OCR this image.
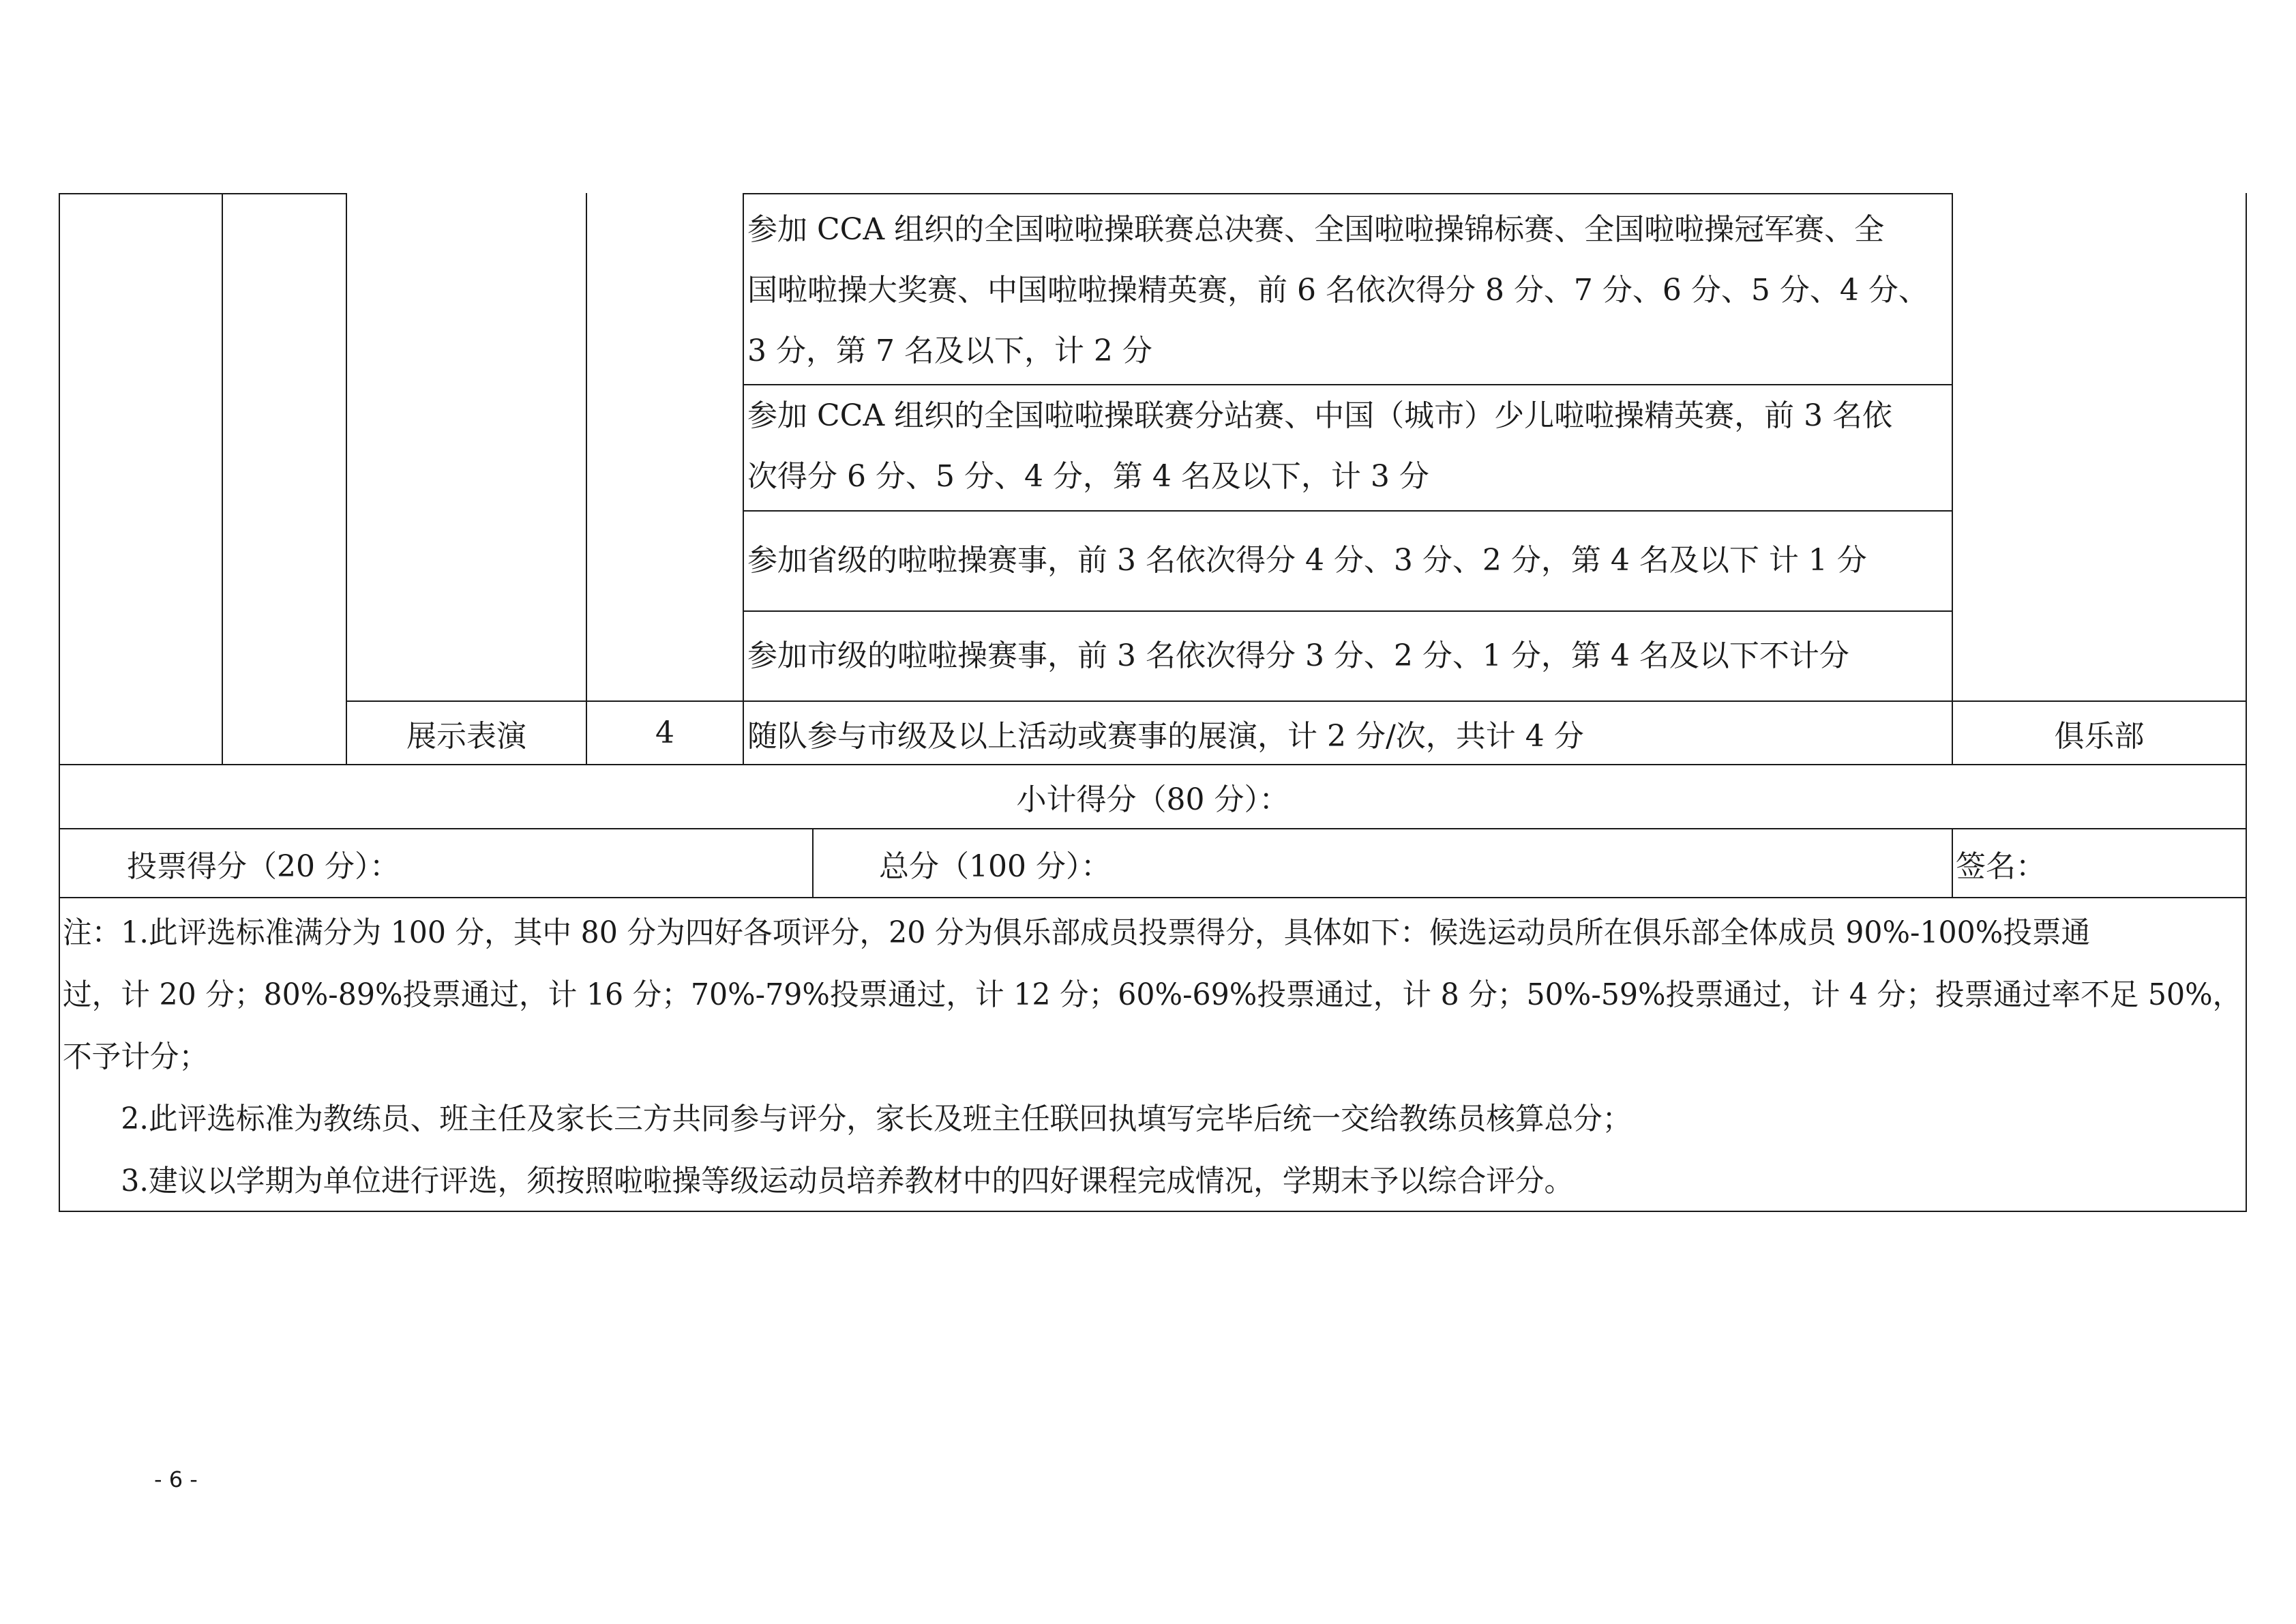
参加 CCA 组织的全国啦啦操联赛总决赛、全国啦啦操锦标赛、全国啦啦操冠军赛、全
国啦啦操大奖赛、中国啦啦操精英赛，前 6 名依次得分 8 分、7 分、6 分、5 分、4 分、
3 分，第 7 名及以下，计 2 分
参加 CCA 组织的全国啦啦操联赛分站赛、中国（城市）少儿啦啦操精英赛，前 3 名依
次得分 6 分、5 分、4 分，第 4 名及以下，计 3 分
参加省级的啦啦操赛事，前 3 名依次得分 4 分、3 分、2 分，第 4 名及以下 计 1 分
参加市级的啦啦操赛事，前 3 名依次得分 3 分、2 分、1 分，第 4 名及以下不计分
展示表演	4	随队参与市级及以上活动或赛事的展演，计 2 分/次，共计 4 分	俱乐部
小计得分（80 分）：
投票得分（20 分）：	总分（100 分）：	签名：
注：1.此评选标准满分为 100 分，其中 80 分为四好各项评分，20 分为俱乐部成员投票得分，具体如下：候选运动员所在俱乐部全体成员 90%-100%投票通
过，计 20 分；80%-89%投票通过，计 16 分；70%-79%投票通过，计 12 分；60%-69%投票通过，计 8 分；50%-59%投票通过，计 4 分；投票通过率不足 50%，
不予计分；
2.此评选标准为教练员、班主任及家长三方共同参与评分，家长及班主任联回执填写完毕后统一交给教练员核算总分；
3.建议以学期为单位进行评选，须按照啦啦操等级运动员培养教材中的四好课程完成情况，学期末予以综合评分。
- 6 -
